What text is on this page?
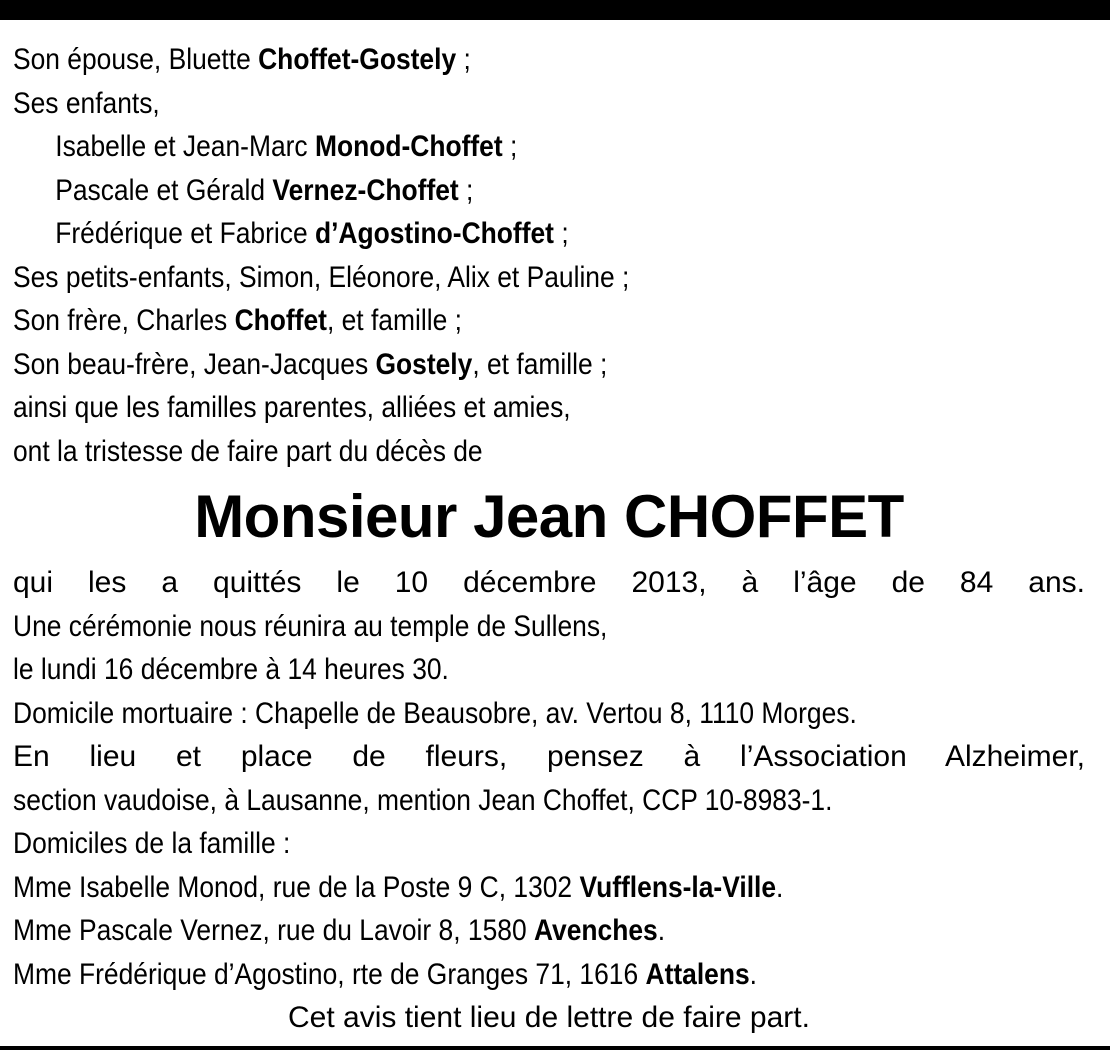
Son épouse, Bluette Choffet-Gostely ;
Ses enfants,
Isabelle et Jean-Marc Monod-Choffet ;
Pascale et Gérald Vernez-Choffet ;
Frédérique et Fabrice d’Agostino-Choffet ;
Ses petits-enfants, Simon, Eléonore, Alix et Pauline ;
Son frère, Charles Choffet, et famille ;
Son beau-frère, Jean-Jacques Gostely, et famille ;
ainsi que les familles parentes, alliées et amies,
ont la tristesse de faire part du décès de
Monsieur Jean CHOFFET
qui les a quittés le 10 décembre 2013, à l’âge de 84 ans.
Une cérémonie nous réunira au temple de Sullens,
le lundi 16 décembre à 14 heures 30.
Domicile mortuaire : Chapelle de Beausobre, av. Vertou 8, 1110 Morges.
En lieu et place de fleurs, pensez à l’Association Alzheimer,
section vaudoise, à Lausanne, mention Jean Choffet, CCP 10-8983-1.
Domiciles de la famille :
Mme Isabelle Monod, rue de la Poste 9 C, 1302 Vufflens-la-Ville.
Mme Pascale Vernez, rue du Lavoir 8, 1580 Avenches.
Mme Frédérique d’Agostino, rte de Granges 71, 1616 Attalens.
Cet avis tient lieu de lettre de faire part.
